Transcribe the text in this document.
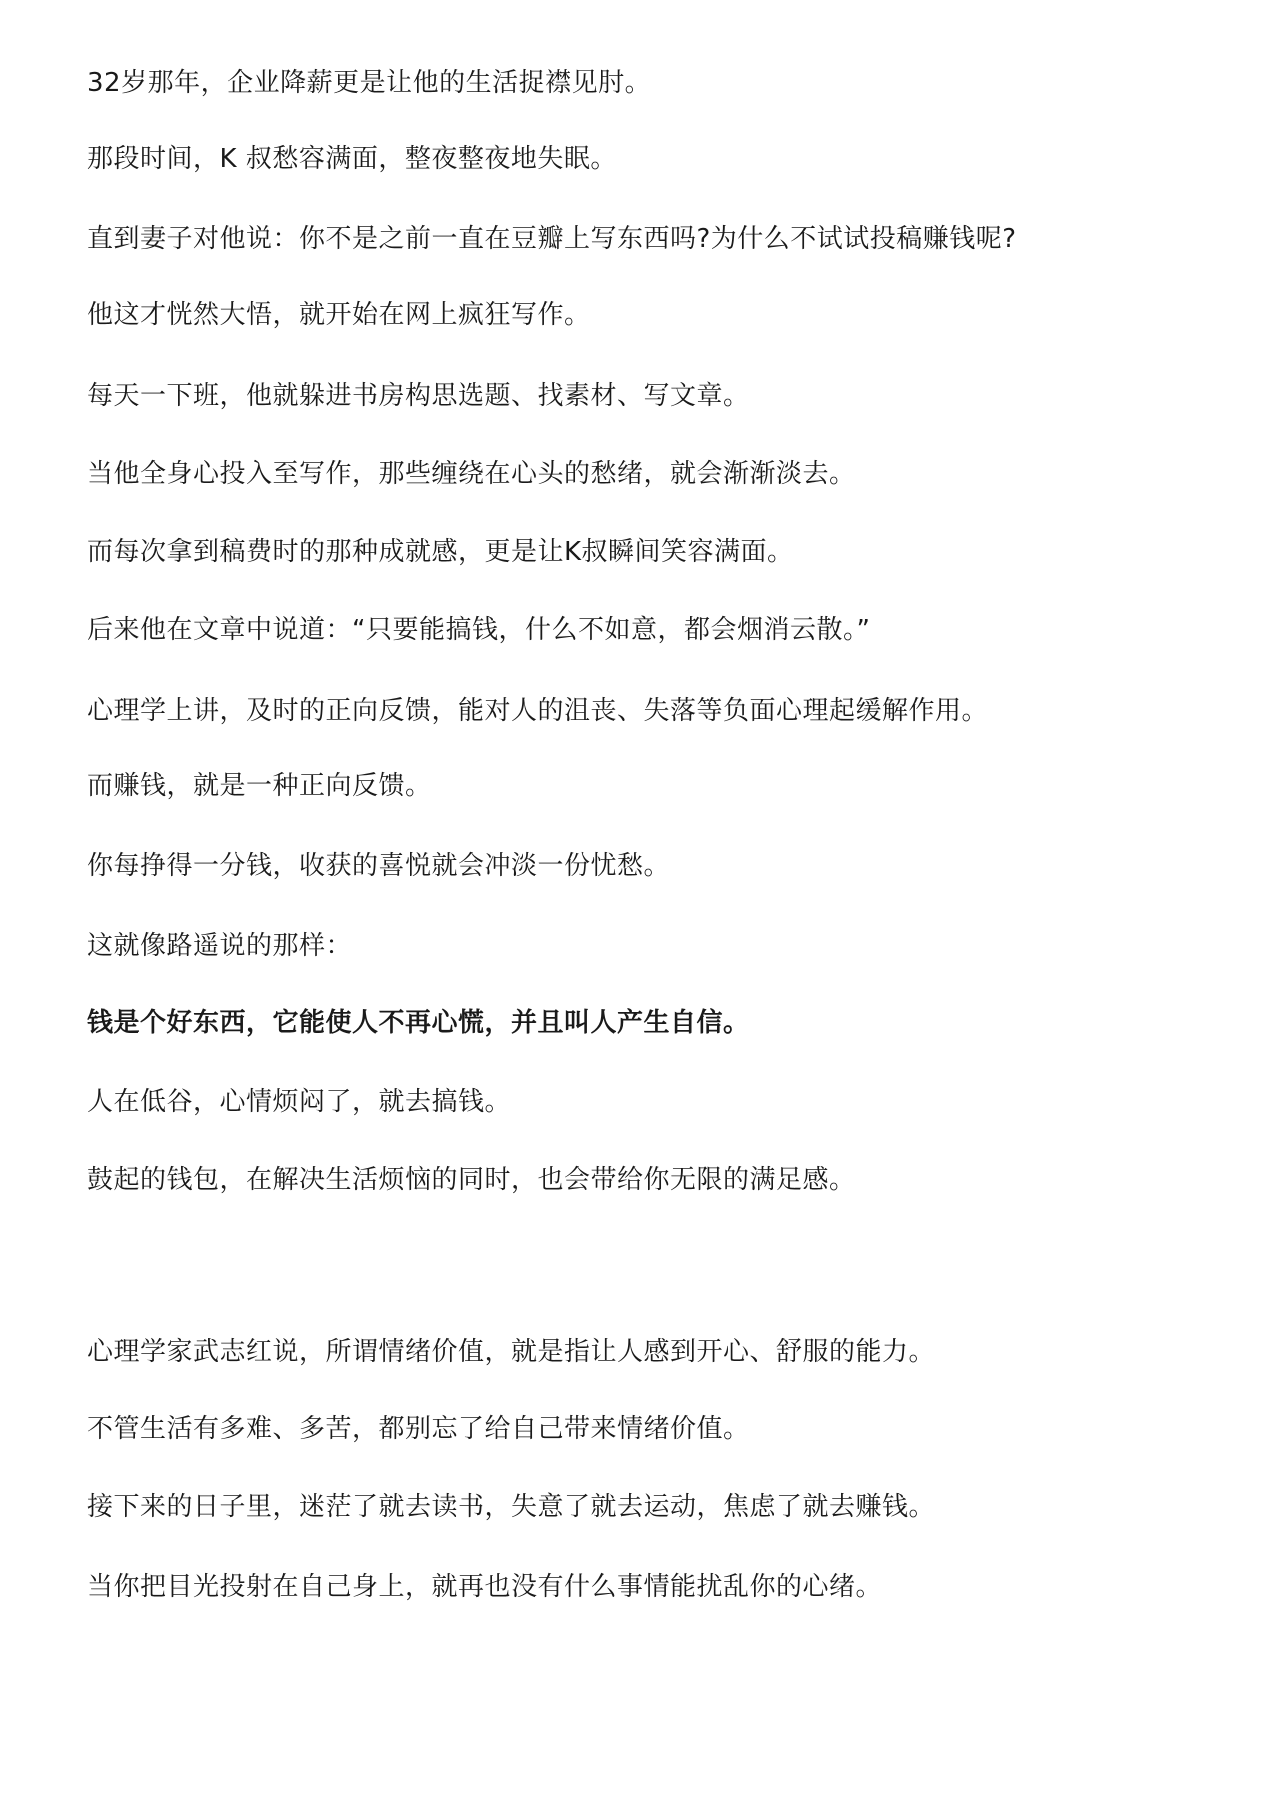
32岁那年，企业降薪更是让他的生活捉襟见肘。

那段时间，K 叔愁容满面，整夜整夜地失眠。

直到妻子对他说：你不是之前一直在豆瓣上写东西吗?为什么不试试投稿赚钱呢?

他这才恍然大悟，就开始在网上疯狂写作。

每天一下班，他就躲进书房构思选题、找素材、写文章。

当他全身心投入至写作，那些缠绕在心头的愁绪，就会渐渐淡去。

而每次拿到稿费时的那种成就感，更是让K叔瞬间笑容满面。

后来他在文章中说道：“只要能搞钱，什么不如意，都会烟消云散。”

心理学上讲，及时的正向反馈，能对人的沮丧、失落等负面心理起缓解作用。

而赚钱，就是一种正向反馈。

你每挣得一分钱，收获的喜悦就会冲淡一份忧愁。

这就像路遥说的那样：

钱是个好东西，它能使人不再心慌，并且叫人产生自信。

人在低谷，心情烦闷了，就去搞钱。

鼓起的钱包，在解决生活烦恼的同时，也会带给你无限的满足感。

心理学家武志红说，所谓情绪价值，就是指让人感到开心、舒服的能力。

不管生活有多难、多苦，都别忘了给自己带来情绪价值。

接下来的日子里，迷茫了就去读书，失意了就去运动，焦虑了就去赚钱。

当你把目光投射在自己身上，就再也没有什么事情能扰乱你的心绪。
